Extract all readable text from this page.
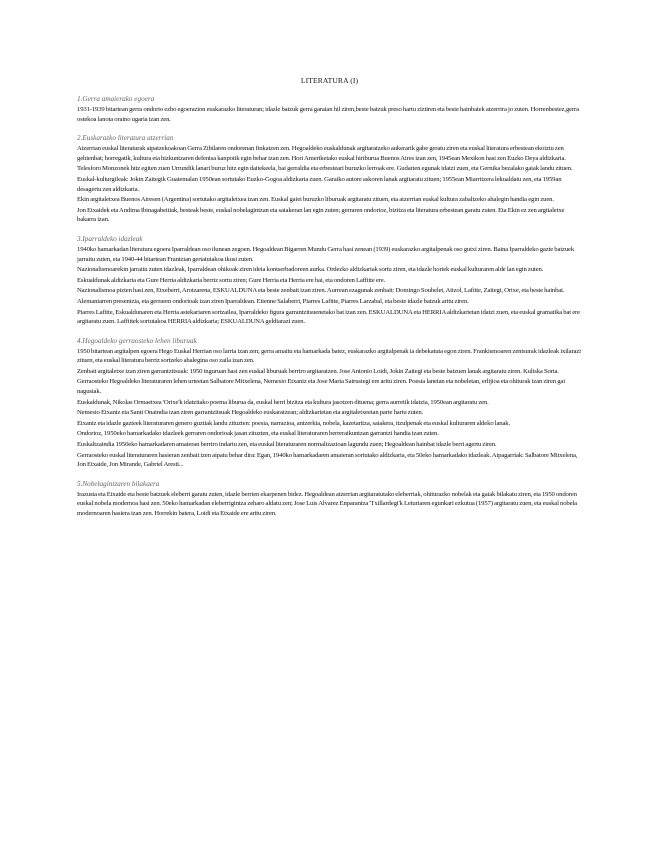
LITERATURA (I)
1.Gerra amaierako egoera

1931-1939 bitartean gerra ondorio ezbo egoerazion euskarazko literaturan; idazle batzuk gerra garaian hil ziren,beste batzuk preso hartu ziztiren eta beste hainbatek atzerrira jo zuten. Horrenbestez,gerra ostekoa lanota oraino ugaria izan zen.

2.Euskarazko literatura atzerrian

Atzerrian euskal literaturak aipatzekoakoan Gerra Zibilaren ondorenan finkatzen zen. Hegoaldeko euskaldunak argitaratzeko aukerarik gabe geratu ziren eta euskal literatura erbestean ekoiztu zen gehienbat; horregatik, kultura eta hizkuntzaren defentsa kanpotik egin behar izan zen. Hori Ameriketako euskal hiriburua Buenos Aires izan zen, 1945ean Mexikon hasi zen Euzko Deya aldizkaria.

Telesforo Monzonek hitz egiten zuen Urrundik lanari buruz hitz egin daitekeela, bai gerraldia eta erbesteari buruzko lerroak ere. Gudarien egunak idatzi zuen, eta Gernika bezalako gaiak landu zituen.

Euskal-kulturgileak: Jokin Zaitegik Guatemalan 1950ean sortutako Euzko-Gogoa aldizkaria zuen. Garaiko autore askoren lanak argitaratu zituen; 1955ean Miarritzera lekualdatu zen, eta 1959an desagertu zen aldizkaria.

Ekin argitaletxea Buenos Airesen (Argentina) sortutako argitaletxea izan zen. Euskal gaiei buruzko liburuak argitaratu zituen, eta atzerrian euskal kultura zabaltzeko ahalegin handia egin zuen.

Jon Etxaidek eta Andima Ibinagabeitiak, besteak beste, euskal nobelagintzan eta saiakeran lan egin zuten; gerraren ondorioz, bizitza eta literatura erbestean garatu zuten. Eta Ekin ez zen argitaletxe bakarra izan.

3.Iparraldeko idazleak

1940ko hamarkadan literatura egoera Iparraldean oso ilunean zegoen. Hegoaldean Bigarren Mundu Gerra hasi zenean (1939) euskarazko argitalpenak oso gutxi ziren. Baina Iparraldeko gazte batzuek jarraitu zuten, eta 1940-44 bitartean Frantzian gertatutakoa ikusi zuten.

Nazionalismoarekin jarraitu zuten idazleak, Iparraldean ohikoak ziren ideia kontserbadoreen aurka. Ordezko aldizkariak sortu ziren, eta idazle horiek euskal kulturaren alde lan egin zuten.

Eskualdunak aldizkaria eta Gure Herria aldizkaria berriz sortu ziren; Gure Herria eta Herria ere bai, eta ondoren Laffitte ere.

Nazionalismoa pizten hasi zen, Etxeberri, Arotzarena, ESKUALDUNA eta beste zenbait izan ziren. Aurrean ezagunak zenbait: Domingo Soubelet, Aitzol, Lafitte, Zaitegi, Orixe, eta beste hainbat.

Alemaniarren presentzia, eta gerraren ondorioak izan ziren Iparraldean. Etienne Salaberri, Piarres Lafitte, Piarres Larzabal, eta beste idazle batzuk aritu ziren.

Piarres Lafitte, Eskualdunaren eta Herria astekariaren sortzailea, Iparraldeko figura garrantzitsuenetako bat izan zen. ESKUALDUNA eta HERRIA aldizkarietan idatzi zuen, eta euskal gramatika bat ere argitaratu zuen. Laffittek sortutakoa HERRIA aldizkaria; ESKUALDUNA geldiarazi zuen.

4.Hegoaldeko gerraosteko lehen liburuak

1950 bitartean argitalpen egoera Hego Euskal Herrian oso larria izan zen; gerra amaitu eta hamarkada batez, euskarazko argitalpenak ia debekatuta egon ziren. Frankismoaren zentsurak idazleak ixilarazi zituen, eta euskal literatura berriz sortzeko ahalegina oso zaila izan zen.

Zenbait argitaletxe izan ziren garrantzitsuak: 1950 inguruan hasi zen euskal liburuak berriro argitaratzen. Jose Antonio Loidi, Jokin Zaitegi eta beste batzuen lanak argitaratu ziren. Kuliska Sorta.

Gerraosteko Hegoaldeko literaturaren lehen urteetan Salbatore Mitxelena, Nemesio Etxaniz eta Jose Maria Satrustegi ere aritu ziren. Poesia lanetan eta nobeletan, erlijioa eta ohiturak izan ziren gai nagusiak.

Euskaldunak, Nikolas Ormaetxea 'Orixe'k idatzitako poema liburua da, euskal herri bizitza eta kultura jasotzen dituena; gerra aurretik idatzia, 1950ean argitaratu zen.

Nemesio Etxaniz eta Santi Onaindia izan ziren garrantzitsuak Hegoaldeko euskaratzean; aldizkarietan eta argitaletxeetan parte hartu zuten.

Etxaniz eta idazle gazteek literaturaren genero guztiak landu zituzten: poesia, narrazioa, antzerkia, nobela, kazetaritza, saiakera, itzulpenak eta euskal kulturaren aldeko lanak.

Ondorioz, 1950eko hamarkadako idazleek gerraren ondorioak jasan zituzten, eta euskal literaturaren berreraikuntzan garrantzi handia izan zuten.

Euskaltzaindia 1950eko hamarkadaren amaieran berriro indartu zen, eta euskal literaturaren normalizazioan lagundu zuen; Hegoaldean hainbat idazle berri agertu ziren.

Gerraosteko euskal literaturaren hasieran zenbait izen aipatu behar dira: Egan, 1940ko hamarkadaren amaieran sortutako aldizkaria, eta 50eko hamarkadako idazleak. Aipagarriak: Salbatore Mitxelena, Jon Etxaide, Jon Mirande, Gabriel Aresti...

5.Nobelagintzaren bilakaera

Irazusta eta Etxaide eta beste batzuek eleberri garatu zuten, idazle berrien ekarpenen bidez. Hegoaldean atzerrian argitaratutako eleberriak, ohiturazko nobelak eta gaiak bilakatu ziren, eta 1950 ondoren euskal nobela modernoa hasi zen. 50eko hamarkadan eleberrigintza zeharo aldatu zen; Jose Luis Alvarez Enparantza 'Txillardegi'k Leturiaren egunkari ezkutua (1957) argitaratu zuen, eta euskal nobela modernoaren hasiera izan zen. Horrekin batera, Loidi eta Etxaide ere aritu ziren.
